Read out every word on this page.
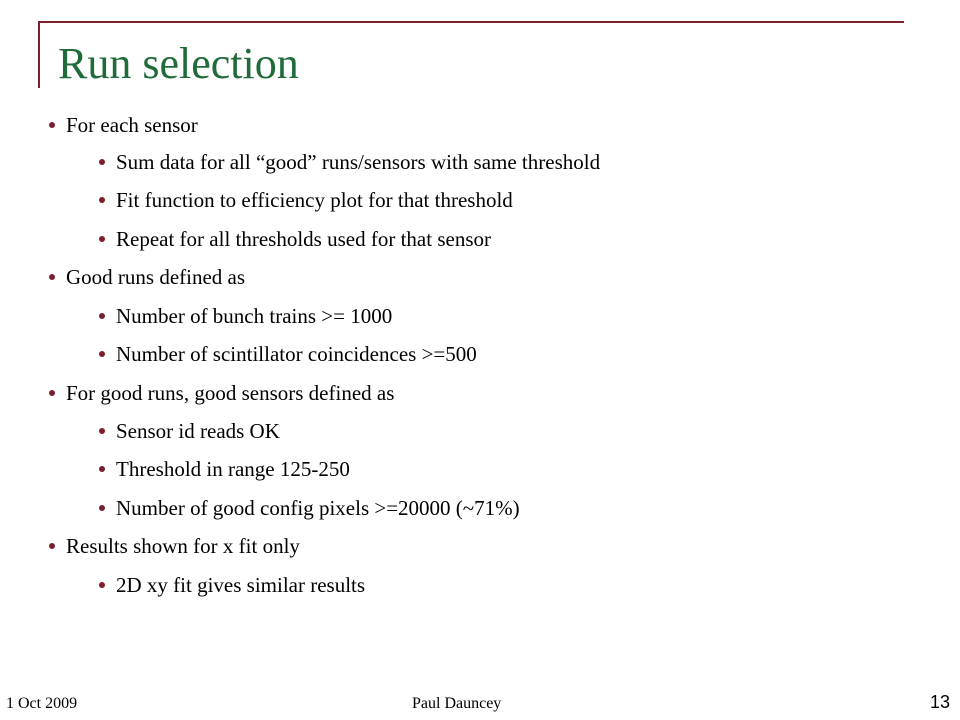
Run selection
For each sensor
Sum data for all “good” runs/sensors with same threshold
Fit function to efficiency plot for that threshold
Repeat for all thresholds used for that sensor
Good runs defined as
Number of bunch trains >= 1000
Number of scintillator coincidences >=500
For good runs, good sensors defined as
Sensor id reads OK
Threshold in range 125-250
Number of good config pixels >=20000 (~71%)
Results shown for x fit only
2D xy fit gives similar results
1 Oct 2009	Paul Dauncey	13
